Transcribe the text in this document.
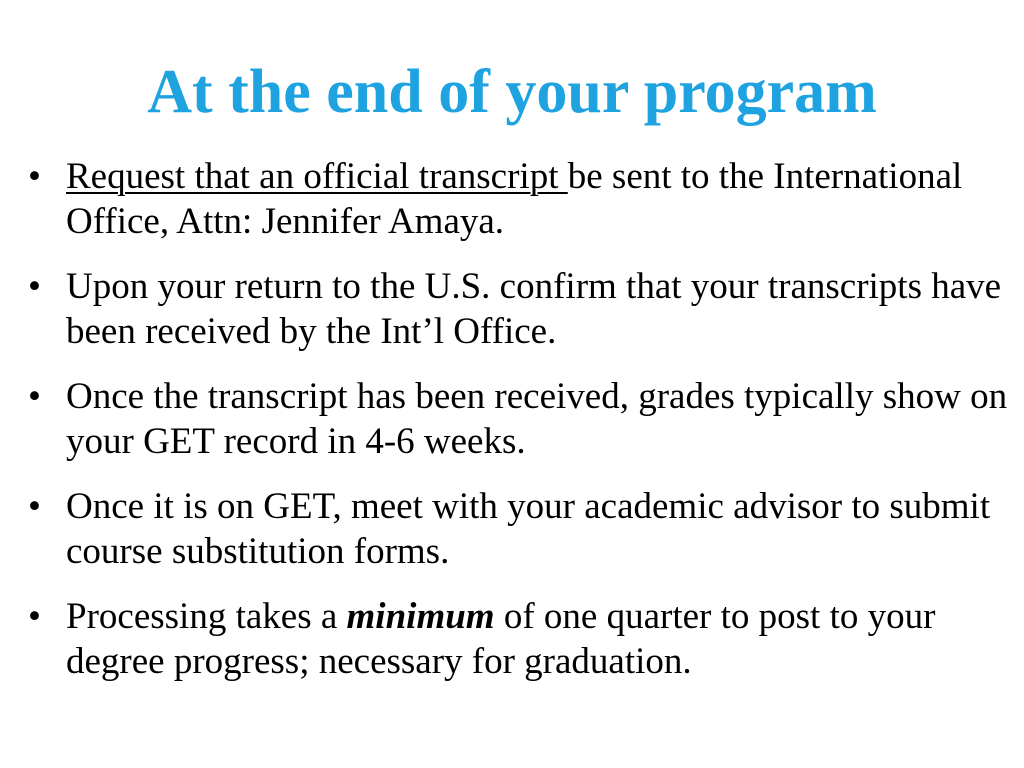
At the end of your program
• Request that an official transcript be sent to the International Office, Attn: Jennifer Amaya.
• Upon your return to the U.S. confirm that your transcripts have been received by the Int’l Office.
• Once the transcript has been received, grades typically show on your GET record in 4-6 weeks.
• Once it is on GET, meet with your academic advisor to submit course substitution forms.
• Processing takes a minimum of one quarter to post to your degree progress; necessary for graduation.
